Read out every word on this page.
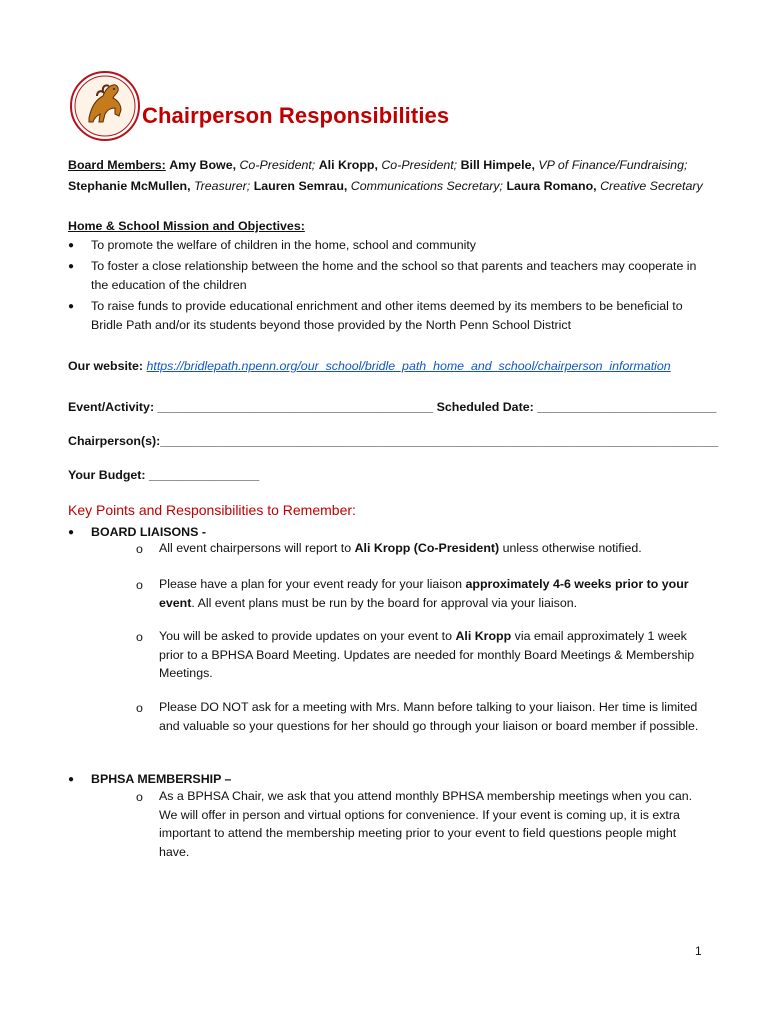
Chairperson Responsibilities
Board Members: Amy Bowe, Co-President; Ali Kropp, Co-President; Bill Himpele, VP of Finance/Fundraising;
Stephanie McMullen, Treasurer; Lauren Semrau, Communications Secretary; Laura Romano, Creative Secretary
Home & School Mission and Objectives:
● To promote the welfare of children in the home, school and community
● To foster a close relationship between the home and the school so that parents and teachers may cooperate in the education of the children
● To raise funds to provide educational enrichment and other items deemed by its members to be beneficial to Bridle Path and/or its students beyond those provided by the North Penn School District
Our website: https://bridlepath.npenn.org/our_school/bridle_path_home_and_school/chairperson_information
Event/Activity: ________________________________________ Scheduled Date: __________________________
Chairperson(s):_________________________________________________________________________________
Your Budget: ________________
Key Points and Responsibilities to Remember:
● BOARD LIAISONS -
o All event chairpersons will report to Ali Kropp (Co-President) unless otherwise notified.
o Please have a plan for your event ready for your liaison approximately 4-6 weeks prior to your event. All event plans must be run by the board for approval via your liaison.
o You will be asked to provide updates on your event to Ali Kropp via email approximately 1 week prior to a BPHSA Board Meeting. Updates are needed for monthly Board Meetings & Membership Meetings.
o Please DO NOT ask for a meeting with Mrs. Mann before talking to your liaison. Her time is limited and valuable so your questions for her should go through your liaison or board member if possible.
● BPHSA MEMBERSHIP –
o As a BPHSA Chair, we ask that you attend monthly BPHSA membership meetings when you can. We will offer in person and virtual options for convenience. If your event is coming up, it is extra important to attend the membership meeting prior to your event to field questions people might have.
1
